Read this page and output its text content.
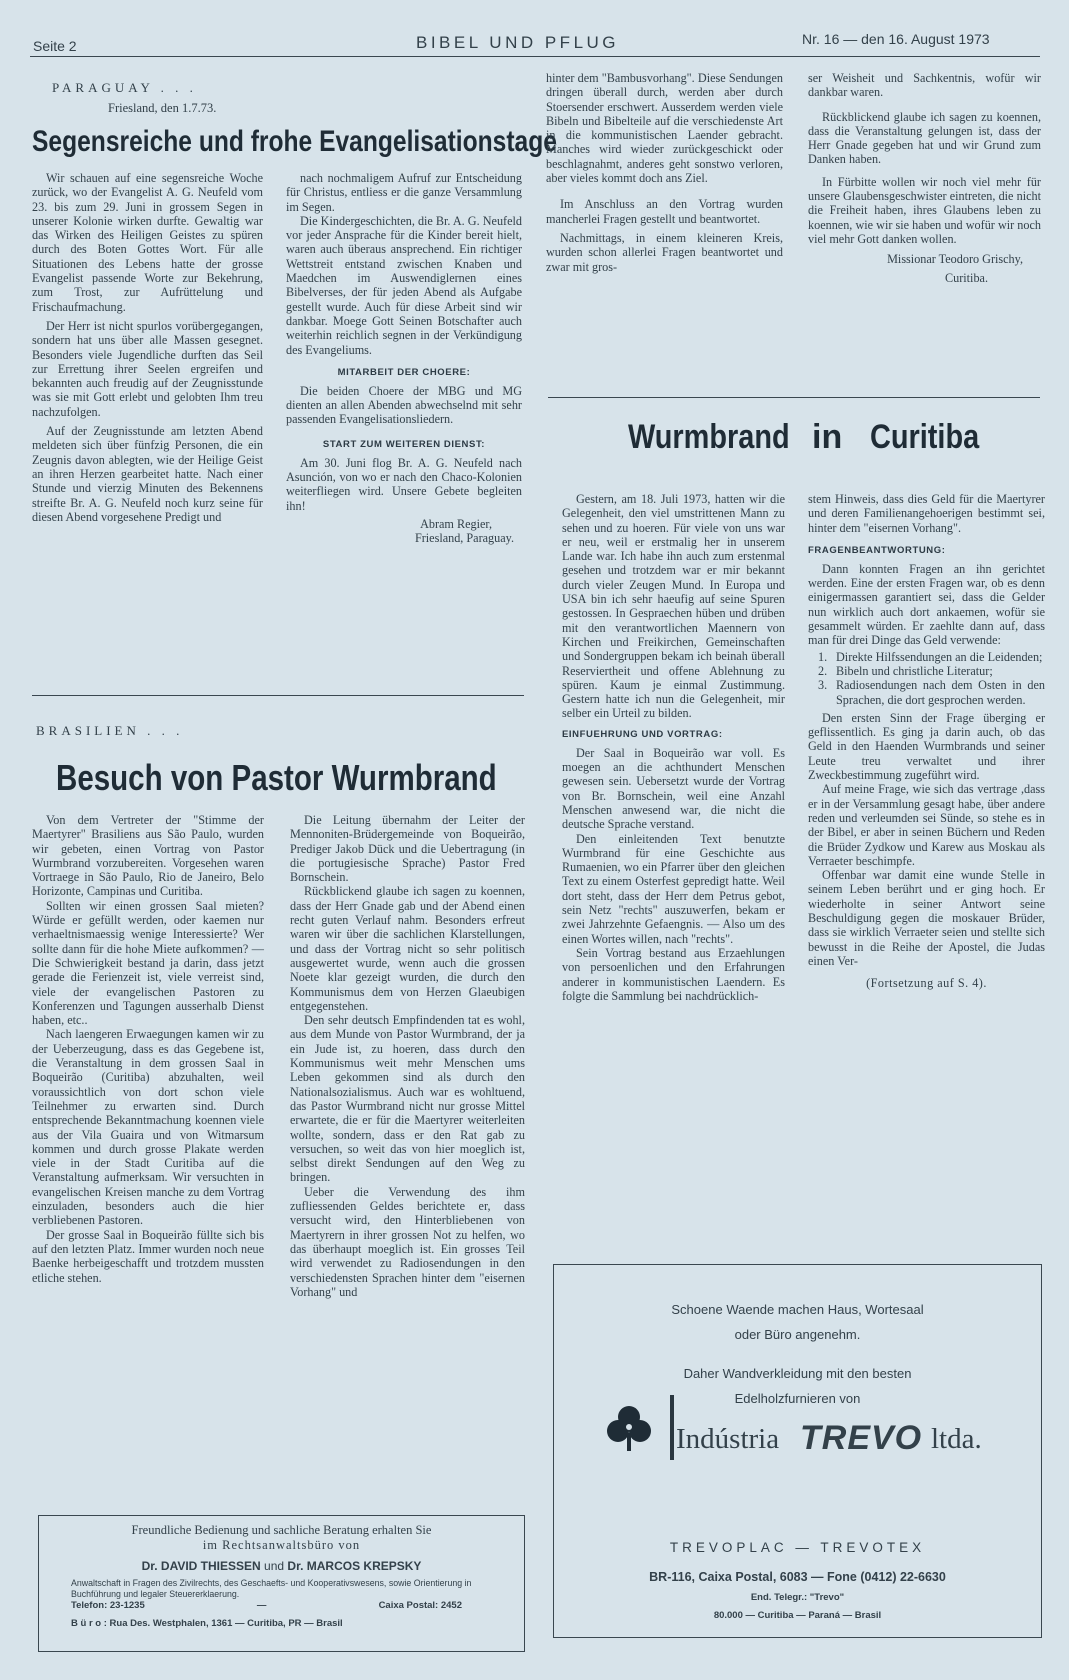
Seite 2	BIBEL UND PFLUG	Nr. 16 — den 16. August 1973
PARAGUAY . . .
Friesland, den 1.7.73.
Segensreiche und frohe Evangelisationstage

Wir schauen auf eine segensreiche Woche zurück, wo der Evangelist A. G. Neufeld vom 23. bis zum 29. Juni in grossem Segen in unserer Kolonie wirken durfte. Gewaltig war das Wirken des Heiligen Geistes zu spüren durch des Boten Gottes Wort. Für alle Situationen des Lebens hatte der grosse Evangelist passende Worte zur Bekehrung, zum Trost, zur Aufrüttelung und Frischaufmachung.

Der Herr ist nicht spurlos vorübergegangen, sondern hat uns über alle Massen gesegnet. Besonders viele Jugendliche durften das Seil zur Errettung ihrer Seelen ergreifen und bekannten auch freudig auf der Zeugnisstunde was sie mit Gott erlebt und gelobten Ihm treu nachzufolgen.

Auf der Zeugnisstunde am letzten Abend meldeten sich über fünfzig Personen, die ein Zeugnis davon ablegten, wie der Heilige Geist an ihren Herzen gearbeitet hatte. Nach einer Stunde und vierzig Minuten des Bekennens streifte Br. A. G. Neufeld noch kurz seine für diesen Abend vorgesehene Predigt und

nach nochmaligem Aufruf zur Entscheidung für Christus, entliess er die ganze Versammlung im Segen.

Die Kindergeschichten, die Br. A. G. Neufeld vor jeder Ansprache für die Kinder bereit hielt, waren auch überaus ansprechend. Ein richtiger Wettstreit entstand zwischen Knaben und Maedchen im Auswendiglernen eines Bibelverses, der für jeden Abend als Aufgabe gestellt wurde. Auch für diese Arbeit sind wir dankbar. Moege Gott Seinen Botschafter auch weiterhin reichlich segnen in der Verkündigung des Evangeliums.

MITARBEIT DER CHOERE:

Die beiden Choere der MBG und MG dienten an allen Abenden abwechselnd mit sehr passenden Evangelisationsliedern.

START ZUM WEITEREN DIENST:

Am 30. Juni flog Br. A. G. Neufeld nach Asunción, von wo er nach den Chaco-Kolonien weiterfliegen wird. Unsere Gebete begleiten ihn!

Abram Regier,
Friesland, Paraguay.

hinter dem "Bambusvorhang". Diese Sendungen dringen überall durch, werden aber durch Stoersender erschwert. Ausserdem werden viele Bibeln und Bibelteile auf die verschiedenste Art in die kommunistischen Laender gebracht. Manches wird wieder zurückgeschickt oder beschlagnahmt, anderes geht sonstwo verloren, aber vieles kommt doch ans Ziel.

Im Anschluss an den Vortrag wurden mancherlei Fragen gestellt und beantwortet.

Nachmittags, in einem kleineren Kreis, wurden schon allerlei Fragen beantwortet und zwar mit gros-

ser Weisheit und Sachkentnis, wofür wir dankbar waren.

Rückblickend glaube ich sagen zu koennen, dass die Veranstaltung gelungen ist, dass der Herr Gnade gegeben hat und wir Grund zum Danken haben.

In Fürbitte wollen wir noch viel mehr für unsere Glaubensgeschwister eintreten, die nicht die Freiheit haben, ihres Glaubens leben zu koennen, wie wir sie haben und wofür wir noch viel mehr Gott danken wollen.

Missionar Teodoro Grischy,
Curitiba.
Wurmbrand in Curitiba

Gestern, am 18. Juli 1973, hatten wir die Gelegenheit, den viel umstrittenen Mann zu sehen und zu hoeren. Für viele von uns war er neu, weil er erstmalig her in unserem Lande war. Ich habe ihn auch zum erstenmal gesehen und trotzdem war er mir bekannt durch vieler Zeugen Mund. In Europa und USA bin ich sehr haeufig auf seine Spuren gestossen. In Gespraechen hüben und drüben mit den verantwortlichen Maennern von Kirchen und Freikirchen, Gemeinschaften und Sondergruppen bekam ich beinah überall Reserviertheit und offene Ablehnung zu spüren. Kaum je einmal Zustimmung. Gestern hatte ich nun die Gelegenheit, mir selber ein Urteil zu bilden.

EINFUEHRUNG UND VORTRAG:

Der Saal in Boqueirão war voll. Es moegen an die achthundert Menschen gewesen sein. Uebersetzt wurde der Vortrag von Br. Bornschein, weil eine Anzahl Menschen anwesend war, die nicht die deutsche Sprache verstand.

Den einleitenden Text benutzte Wurmbrand für eine Geschichte aus Rumaenien, wo ein Pfarrer über den gleichen Text zu einem Osterfest gepredigt hatte. Weil dort steht, dass der Herr dem Petrus gebot, sein Netz "rechts" auszuwerfen, bekam er zwei Jahrzehnte Gefaengnis. — Also um des einen Wortes willen, nach "rechts".

Sein Vortrag bestand aus Erzaehlungen von persoenlichen und den Erfahrungen anderer in kommunistischen Laendern. Es folgte die Sammlung bei nachdrücklich-

stem Hinweis, dass dies Geld für die Maertyrer und deren Familienangehoerigen bestimmt sei, hinter dem "eisernen Vorhang".

FRAGENBEANTWORTUNG:

Dann konnten Fragen an ihn gerichtet werden. Eine der ersten Fragen war, ob es denn einigermassen garantiert sei, dass die Gelder nun wirklich auch dort ankaemen, wofür sie gesammelt würden. Er zaehlte dann auf, dass man für drei Dinge das Geld verwende:

1. Direkte Hilfssendungen an die Leidenden;
2. Bibeln und christliche Literatur;
3. Radiosendungen nach dem Osten in den Sprachen, die dort gesprochen werden.

Den ersten Sinn der Frage überging er geflissentlich. Es ging ja darin auch, ob das Geld in den Haenden Wurmbrands und seiner Leute treu verwaltet und ihrer Zweckbestimmung zugeführt wird.

Auf meine Frage, wie sich das vertrage ,dass er in der Versammlung gesagt habe, über andere reden und verleumden sei Sünde, so stehe es in der Bibel, er aber in seinen Büchern und Reden die Brüder Zydkow und Karew aus Moskau als Verraeter beschimpfe.

Offenbar war damit eine wunde Stelle in seinem Leben berührt und er ging hoch. Er wiederholte in seiner Antwort seine Beschuldigung gegen die moskauer Brüder, dass sie wirklich Verraeter seien und stellte sich bewusst in die Reihe der Apostel, die Judas einen Ver-

(Fortsetzung auf S. 4).
BRASILIEN . . .
Besuch von Pastor Wurmbrand

Von dem Vertreter der "Stimme der Maertyrer" Brasiliens aus São Paulo, wurden wir gebeten, einen Vortrag von Pastor Wurmbrand vorzubereiten. Vorgesehen waren Vortraege in São Paulo, Rio de Janeiro, Belo Horizonte, Campinas und Curitiba.

Sollten wir einen grossen Saal mieten? Würde er gefüllt werden, oder kaemen nur verhaeltnismaessig wenige Interessierte? Wer sollte dann für die hohe Miete aufkommen? — Die Schwierigkeit bestand ja darin, dass jetzt gerade die Ferienzeit ist, viele verreist sind, viele der evangelischen Pastoren zu Konferenzen und Tagungen ausserhalb Dienst haben, etc..

Nach laengeren Erwaegungen kamen wir zu der Ueberzeugung, dass es das Gegebene ist, die Veranstaltung in dem grossen Saal in Boqueirão (Curitiba) abzuhalten, weil voraussichtlich von dort schon viele Teilnehmer zu erwarten sind. Durch entsprechende Bekanntmachung koennen viele aus der Vila Guaira und von Witmarsum kommen und durch grosse Plakate werden viele in der Stadt Curitiba auf die Veranstaltung aufmerksam. Wir versuchten in evangelischen Kreisen manche zu dem Vortrag einzuladen, besonders auch die hier verbliebenen Pastoren.

Der grosse Saal in Boqueirão füllte sich bis auf den letzten Platz. Immer wurden noch neue Baenke herbeigeschafft und trotzdem mussten etliche stehen.

Die Leitung übernahm der Leiter der Mennoniten-Brüdergemeinde von Boqueirão, Prediger Jakob Dück und die Uebertragung (in die portugiesische Sprache) Pastor Fred Bornschein.

Rückblickend glaube ich sagen zu koennen, dass der Herr Gnade gab und der Abend einen recht guten Verlauf nahm. Besonders erfreut waren wir über die sachlichen Klarstellungen, und dass der Vortrag nicht so sehr politisch ausgewertet wurde, wenn auch die grossen Noete klar gezeigt wurden, die durch den Kommunismus dem von Herzen Glaeubigen entgegenstehen.

Den sehr deutsch Empfindenden tat es wohl, aus dem Munde von Pastor Wurmbrand, der ja ein Jude ist, zu hoeren, dass durch den Kommunismus weit mehr Menschen ums Leben gekommen sind als durch den Nationalsozialismus. Auch war es wohltuend, das Pastor Wurmbrand nicht nur grosse Mittel erwartete, die er für die Maertyrer weiterleiten wollte, sondern, dass er den Rat gab zu versuchen, so weit das von hier moeglich ist, selbst direkt Sendungen auf den Weg zu bringen.

Ueber die Verwendung des ihm zufliessenden Geldes berichtete er, dass versucht wird, den Hinterbliebenen von Maertyrern in ihrer grossen Not zu helfen, wo das überhaupt moeglich ist. Ein grosses Teil wird verwendet zu Radiosendungen in den verschiedensten Sprachen hinter dem "eisernen Vorhang" und

Freundliche Bedienung und sachliche Beratung erhalten Sie
im Rechtsanwaltsbüro von
Dr. DAVID THIESSEN und Dr. MARCOS KREPSKY
Anwaltschaft in Fragen des Zivilrechts, des Geschaefts- und Kooperativswesens, sowie Orientierung in Buchführung und legaler Steuererklaerung.
Telefon: 23-1235	—	Caixa Postal: 2452
B ü r o : Rua Des. Westphalen, 1361 — Curitiba, PR — Brasil
Schoene Waende machen Haus, Wortesaal
oder Büro angenehm.
Daher Wandverkleidung mit den besten
Edelholzfurnieren von
Indústria TREVO ltda.
TREVOPLAC — TREVOTEX
BR-116, Caixa Postal, 6083 — Fone (0412) 22-6630
End. Telegr.: "Trevo"
80.000 — Curitiba — Paraná — Brasil
